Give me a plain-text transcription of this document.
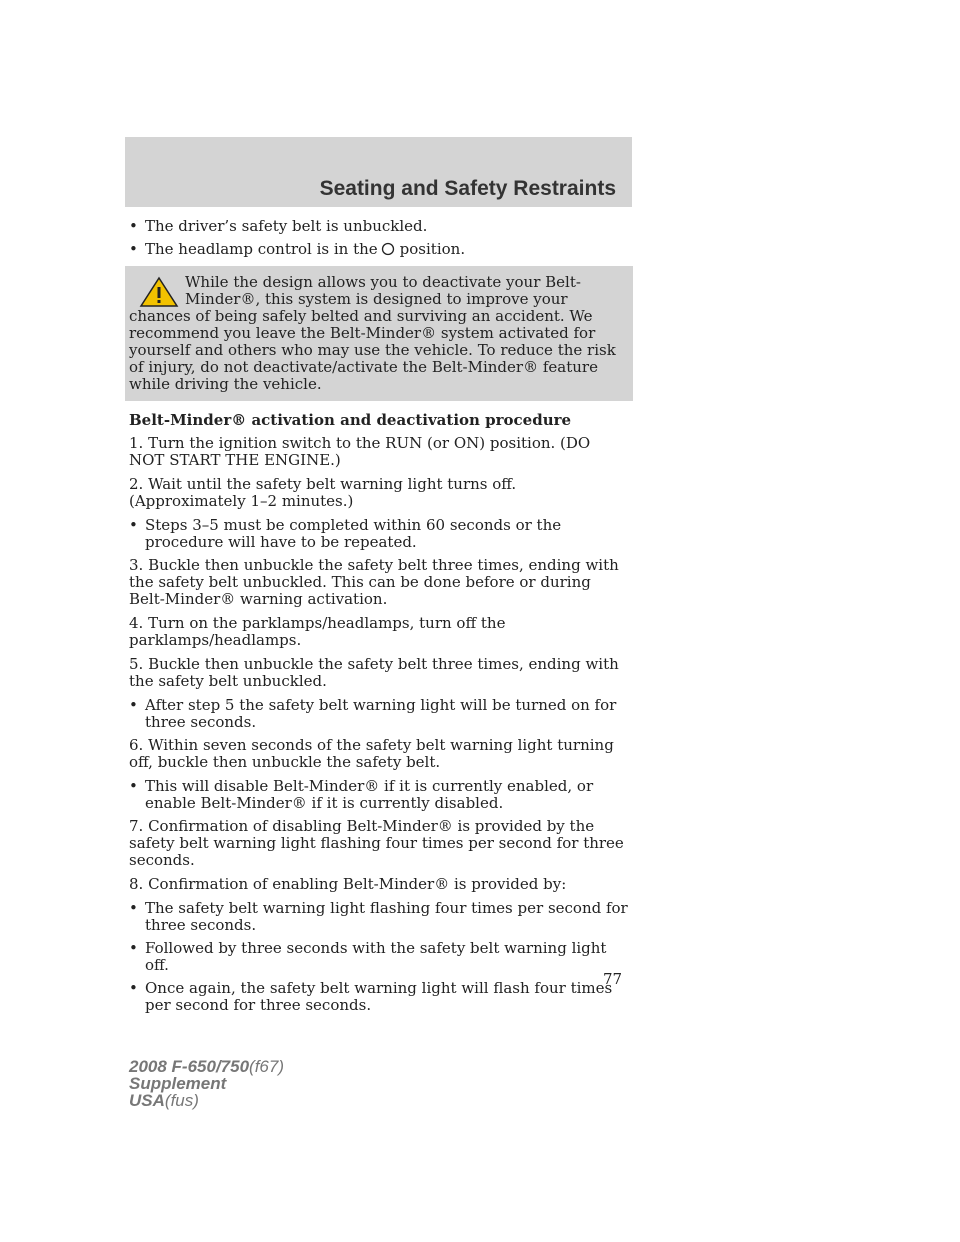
Seating and Safety Restraints
• The driver’s safety belt is unbuckled.
• The headlamp control is in the position.
While the design allows you to deactivate your Belt-Minder®, this system is designed to improve your chances of being safely belted and surviving an accident. We recommend you leave the Belt-Minder® system activated for yourself and others who may use the vehicle. To reduce the risk of injury, do not deactivate/activate the Belt-Minder® feature while driving the vehicle.

Belt-Minder® activation and deactivation procedure

1. Turn the ignition switch to the RUN (or ON) position. (DO NOT START THE ENGINE.)

2. Wait until the safety belt warning light turns off. (Approximately 1–2 minutes.)

• Steps 3–5 must be completed within 60 seconds or the procedure will have to be repeated.

3. Buckle then unbuckle the safety belt three times, ending with the safety belt unbuckled. This can be done before or during Belt-Minder® warning activation.

4. Turn on the parklamps/headlamps, turn off the parklamps/headlamps.

5. Buckle then unbuckle the safety belt three times, ending with the safety belt unbuckled.

• After step 5 the safety belt warning light will be turned on for three seconds.

6. Within seven seconds of the safety belt warning light turning off, buckle then unbuckle the safety belt.

• This will disable Belt-Minder® if it is currently enabled, or enable Belt-Minder® if it is currently disabled.

7. Confirmation of disabling Belt-Minder® is provided by the safety belt warning light flashing four times per second for three seconds.

8. Confirmation of enabling Belt-Minder® is provided by:

• The safety belt warning light flashing four times per second for three seconds.
• Followed by three seconds with the safety belt warning light off.
• Once again, the safety belt warning light will flash four times per second for three seconds.
77
2008 F-650/750(f67)
Supplement
USA(fus)
